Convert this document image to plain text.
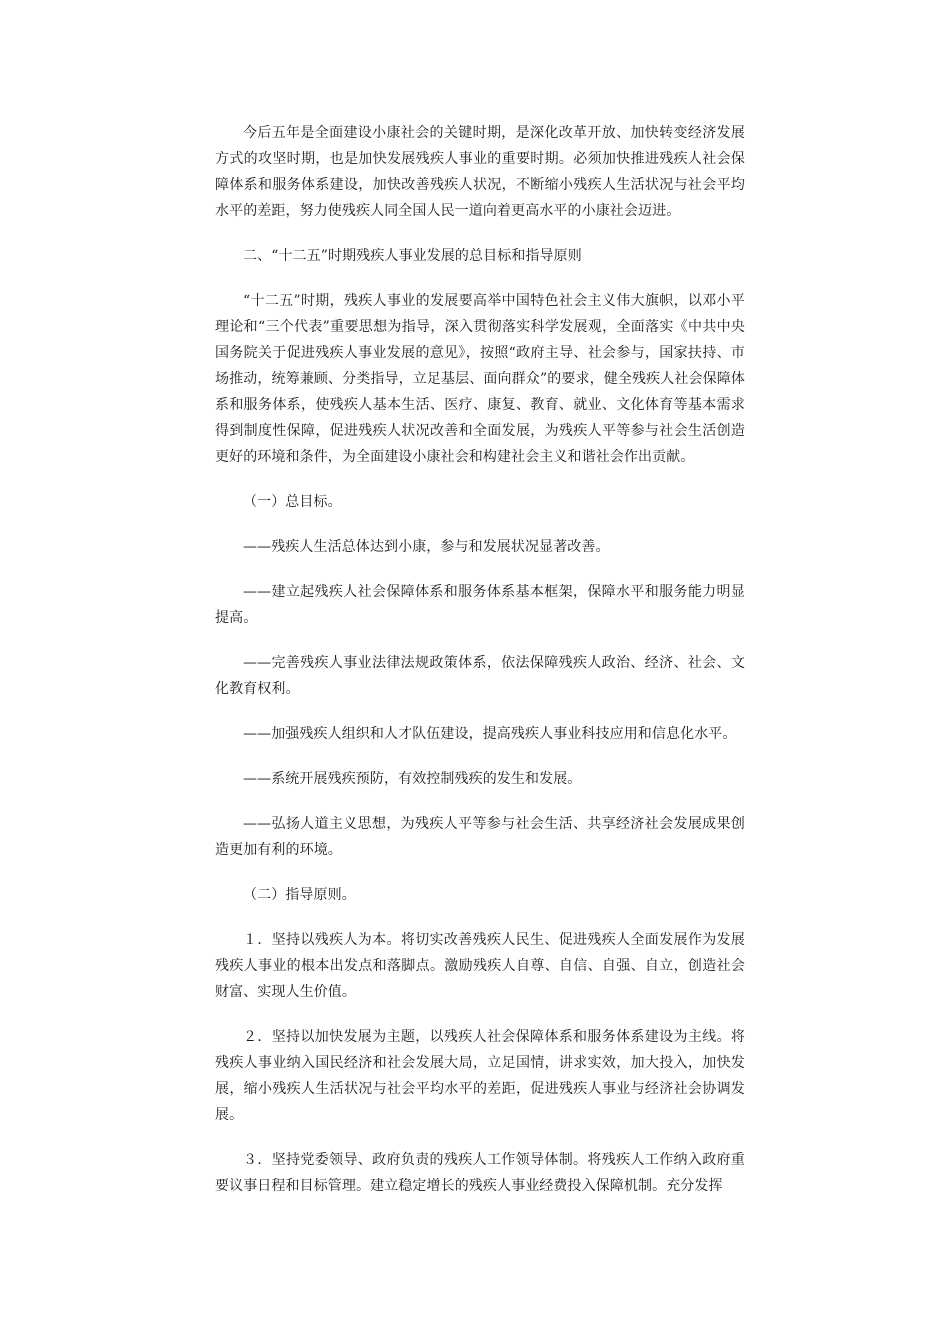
今后五年是全面建设小康社会的关键时期，是深化改革开放、加快转变经济发展方式的攻坚时期，也是加快发展残疾人事业的重要时期。必须加快推进残疾人社会保障体系和服务体系建设，加快改善残疾人状况，不断缩小残疾人生活状况与社会平均水平的差距，努力使残疾人同全国人民一道向着更高水平的小康社会迈进。

二、“十二五”时期残疾人事业发展的总目标和指导原则

“十二五”时期，残疾人事业的发展要高举中国特色社会主义伟大旗帜，以邓小平理论和“三个代表”重要思想为指导，深入贯彻落实科学发展观，全面落实《中共中央 国务院关于促进残疾人事业发展的意见》，按照“政府主导、社会参与，国家扶持、市场推动，统筹兼顾、分类指导，立足基层、面向群众”的要求，健全残疾人社会保障体系和服务体系，使残疾人基本生活、医疗、康复、教育、就业、文化体育等基本需求得到制度性保障，促进残疾人状况改善和全面发展，为残疾人平等参与社会生活创造更好的环境和条件，为全面建设小康社会和构建社会主义和谐社会作出贡献。

（一）总目标。

——残疾人生活总体达到小康，参与和发展状况显著改善。

——建立起残疾人社会保障体系和服务体系基本框架，保障水平和服务能力明显提高。

——完善残疾人事业法律法规政策体系，依法保障残疾人政治、经济、社会、文化教育权利。

——加强残疾人组织和人才队伍建设，提高残疾人事业科技应用和信息化水平。

——系统开展残疾预防，有效控制残疾的发生和发展。

——弘扬人道主义思想，为残疾人平等参与社会生活、共享经济社会发展成果创造更加有利的环境。

（二）指导原则。

１．坚持以残疾人为本。将切实改善残疾人民生、促进残疾人全面发展作为发展残疾人事业的根本出发点和落脚点。激励残疾人自尊、自信、自强、自立，创造社会财富、实现人生价值。

２．坚持以加快发展为主题，以残疾人社会保障体系和服务体系建设为主线。将残疾人事业纳入国民经济和社会发展大局，立足国情，讲求实效，加大投入，加快发展，缩小残疾人生活状况与社会平均水平的差距，促进残疾人事业与经济社会协调发展。

３．坚持党委领导、政府负责的残疾人工作领导体制。将残疾人工作纳入政府重要议事日程和目标管理。建立稳定增长的残疾人事业经费投入保障机制。充分发挥
